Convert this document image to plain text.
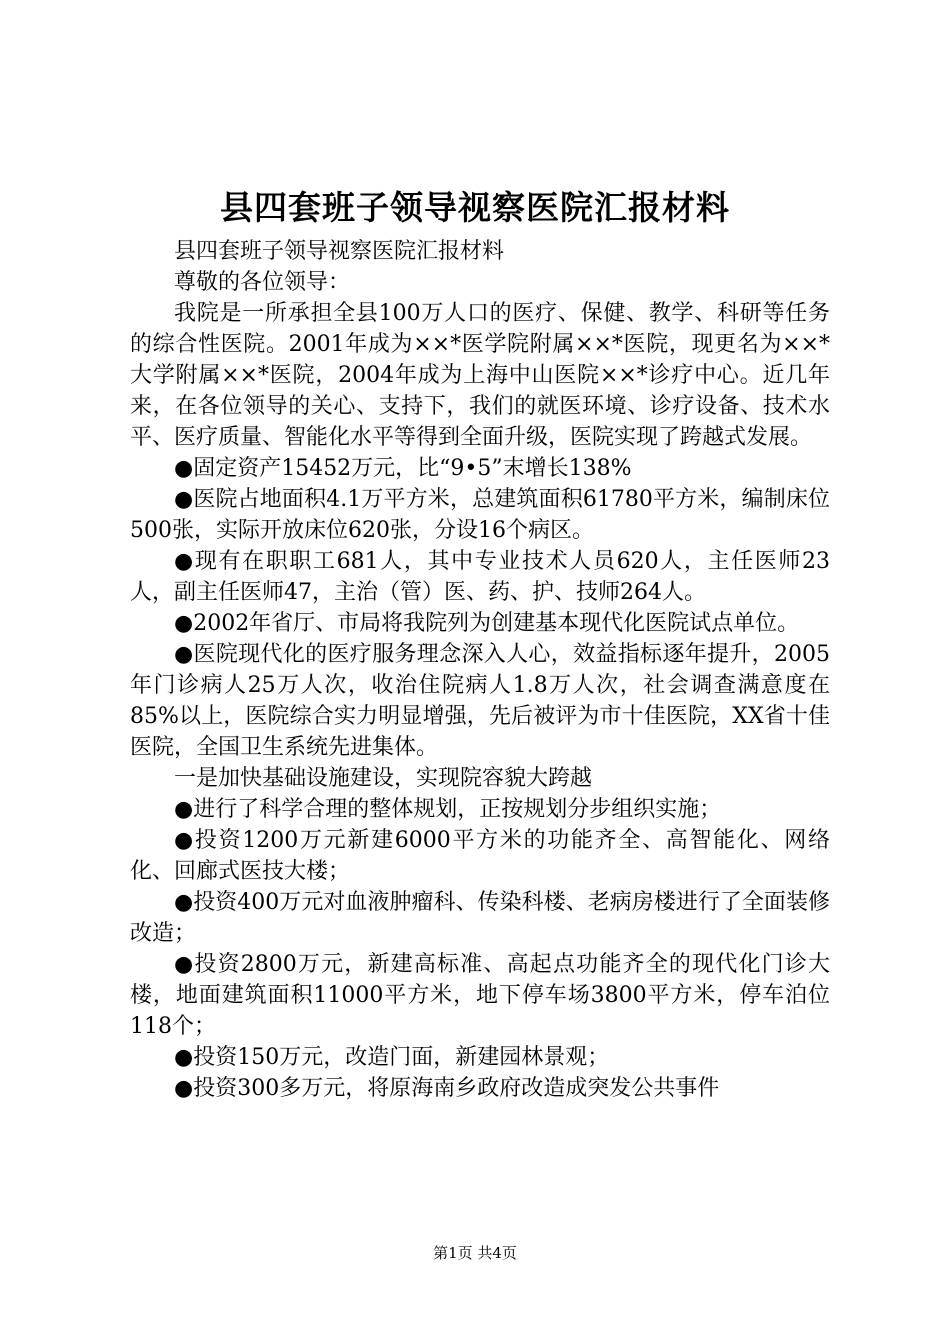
县四套班子领导视察医院汇报材料

县四套班子领导视察医院汇报材料

尊敬的各位领导：

我院是一所承担全县100万人口的医疗、保健、教学、科研等任务的综合性医院。2001年成为××*医学院附属××*医院，现更名为××*大学附属××*医院，2004年成为上海中山医院××*诊疗中心。近几年来，在各位领导的关心、支持下，我们的就医环境、诊疗设备、技术水平、医疗质量、智能化水平等得到全面升级，医院实现了跨越式发展。

●固定资产15452万元，比“9•5”末增长138%

●医院占地面积4.1万平方米，总建筑面积61780平方米，编制床位500张，实际开放床位620张，分设16个病区。

●现有在职职工681人，其中专业技术人员620人，主任医师23人，副主任医师47，主治（管）医、药、护、技师264人。

●2002年省厅、市局将我院列为创建基本现代化医院试点单位。

●医院现代化的医疗服务理念深入人心，效益指标逐年提升，2005年门诊病人25万人次，收治住院病人1.8万人次，社会调查满意度在85%以上，医院综合实力明显增强，先后被评为市十佳医院，XX省十佳医院，全国卫生系统先进集体。

一是加快基础设施建设，实现院容貌大跨越

●进行了科学合理的整体规划，正按规划分步组织实施；

●投资1200万元新建6000平方米的功能齐全、高智能化、网络化、回廊式医技大楼；

●投资400万元对血液肿瘤科、传染科楼、老病房楼进行了全面装修改造；

●投资2800万元，新建高标准、高起点功能齐全的现代化门诊大楼，地面建筑面积11000平方米，地下停车场3800平方米，停车泊位118个；

●投资150万元，改造门面，新建园林景观；

●投资300多万元，将原海南乡政府改造成突发公共事件

第1页 共4页
